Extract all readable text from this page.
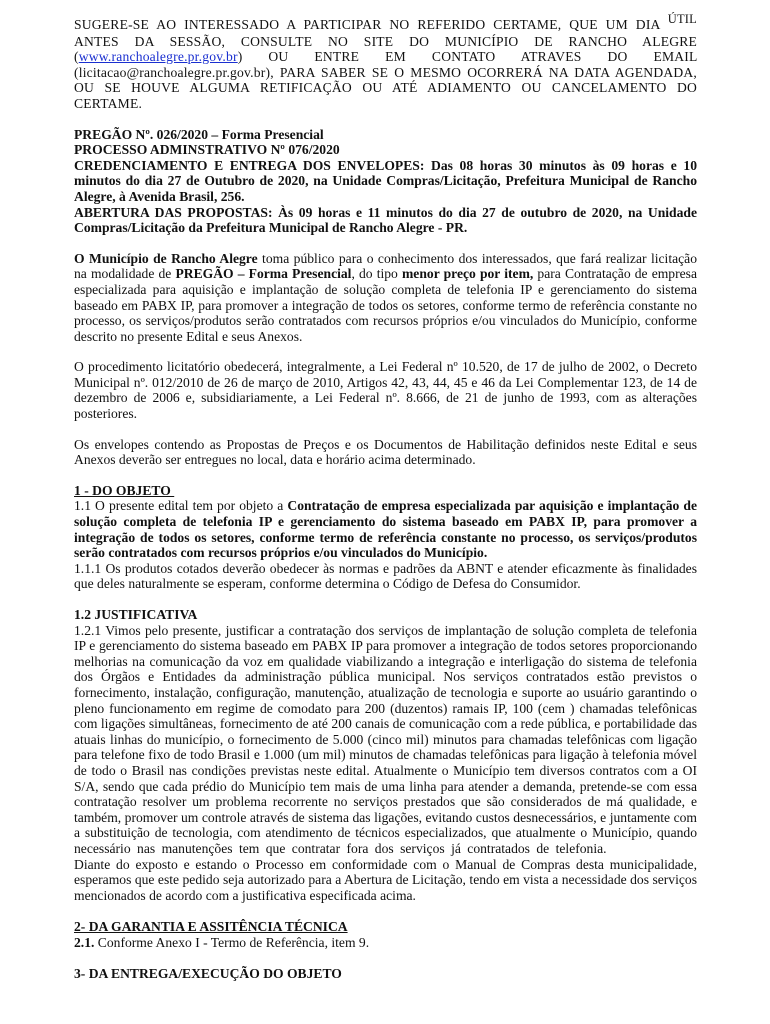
SUGERE-SE AO INTERESSADO A PARTICIPAR NO REFERIDO CERTAME, QUE UM DIA ÚTIL ANTES DA SESSÃO, CONSULTE NO SITE DO MUNICÍPIO DE RANCHO ALEGRE (www.ranchoalegre.pr.gov.br) OU ENTRE EM CONTATO ATRAVES DO EMAIL (licitacao@ranchoalegre.pr.gov.br), PARA SABER SE O MESMO OCORRERÁ NA DATA AGENDADA, OU SE HOUVE ALGUMA RETIFICAÇÃO OU ATÉ ADIAMENTO OU CANCELAMENTO DO CERTAME.

PREGÃO Nº. 026/2020 – Forma Presencial

PROCESSO ADMINSTRATIVO Nº 076/2020

CREDENCIAMENTO E ENTREGA DOS ENVELOPES: Das 08 horas 30 minutos às 09 horas e 10 minutos do dia 27 de Outubro de 2020, na Unidade Compras/Licitação, Prefeitura Municipal de Rancho Alegre, à Avenida Brasil, 256.

ABERTURA DAS PROPOSTAS: Às 09 horas e 11 minutos do dia 27 de outubro de 2020, na Unidade Compras/Licitação da Prefeitura Municipal de Rancho Alegre - PR.

O Município de Rancho Alegre toma público para o conhecimento dos interessados, que fará realizar licitação na modalidade de PREGÃO – Forma Presencial, do tipo menor preço por item, para Contratação de empresa especializada para aquisição e implantação de solução completa de telefonia IP e gerenciamento do sistema baseado em PABX IP, para promover a integração de todos os setores, conforme termo de referência constante no processo, os serviços/produtos serão contratados com recursos próprios e/ou vinculados do Município, conforme descrito no presente Edital e seus Anexos.

O procedimento licitatório obedecerá, integralmente, a Lei Federal nº 10.520, de 17 de julho de 2002, o Decreto Municipal nº. 012/2010 de 26 de março de 2010, Artigos 42, 43, 44, 45 e 46 da Lei Complementar 123, de 14 de dezembro de 2006 e, subsidiariamente, a Lei Federal nº. 8.666, de 21 de junho de 1993, com as alterações posteriores.

Os envelopes contendo as Propostas de Preços e os Documentos de Habilitação definidos neste Edital e seus Anexos deverão ser entregues no local, data e horário acima determinado.

1 - DO OBJETO

1.1 O presente edital tem por objeto a Contratação de empresa especializada par aquisição e implantação de solução completa de telefonia IP e gerenciamento do sistema baseado em PABX IP, para promover a integração de todos os setores, conforme termo de referência constante no processo, os serviços/produtos serão contratados com recursos próprios e/ou vinculados do Município.

1.1.1 Os produtos cotados deverão obedecer às normas e padrões da ABNT e atender eficazmente às finalidades que deles naturalmente se esperam, conforme determina o Código de Defesa do Consumidor.

1.2 JUSTIFICATIVA

1.2.1 Vimos pelo presente, justificar a contratação dos serviços de implantação de solução completa de telefonia IP e gerenciamento do sistema baseado em PABX IP para promover a integração de todos setores proporcionando melhorias na comunicação da voz em qualidade viabilizando a integração e interligação do sistema de telefonia dos Órgãos e Entidades da administração pública municipal. Nos serviços contratados estão previstos o fornecimento, instalação, configuração, manutenção, atualização de tecnologia e suporte ao usuário garantindo o pleno funcionamento em regime de comodato para 200 (duzentos) ramais IP, 100 (cem ) chamadas telefônicas com ligações simultâneas, fornecimento de até 200 canais de comunicação com a rede pública, e portabilidade das atuais linhas do município, o fornecimento de 5.000 (cinco mil) minutos para chamadas telefônicas com ligação para telefone fixo de todo Brasil e 1.000 (um mil) minutos de chamadas telefônicas para ligação à telefonia móvel de todo o Brasil nas condições previstas neste edital. Atualmente o Município tem diversos contratos com a OI S/A, sendo que cada prédio do Município tem mais de uma linha para atender a demanda, pretende-se com essa contratação resolver um problema recorrente no serviços prestados que são considerados de má qualidade, e também, promover um controle através de sistema das ligações, evitando custos desnecessários, e juntamente com a substituição de tecnologia, com atendimento de técnicos especializados, que atualmente o Município, quando necessário nas manutenções tem que contratar fora dos serviços já contratados de telefonia.  Diante do exposto e estando o Processo em conformidade com o Manual de Compras desta municipalidade, esperamos que este pedido seja autorizado para a Abertura de Licitação, tendo em vista a necessidade dos serviços mencionados de acordo com a justificativa especificada acima.

2- DA GARANTIA E ASSITÊNCIA TÉCNICA

2.1. Conforme Anexo I - Termo de Referência, item 9.

3- DA ENTREGA/EXECUÇÃO DO OBJETO
